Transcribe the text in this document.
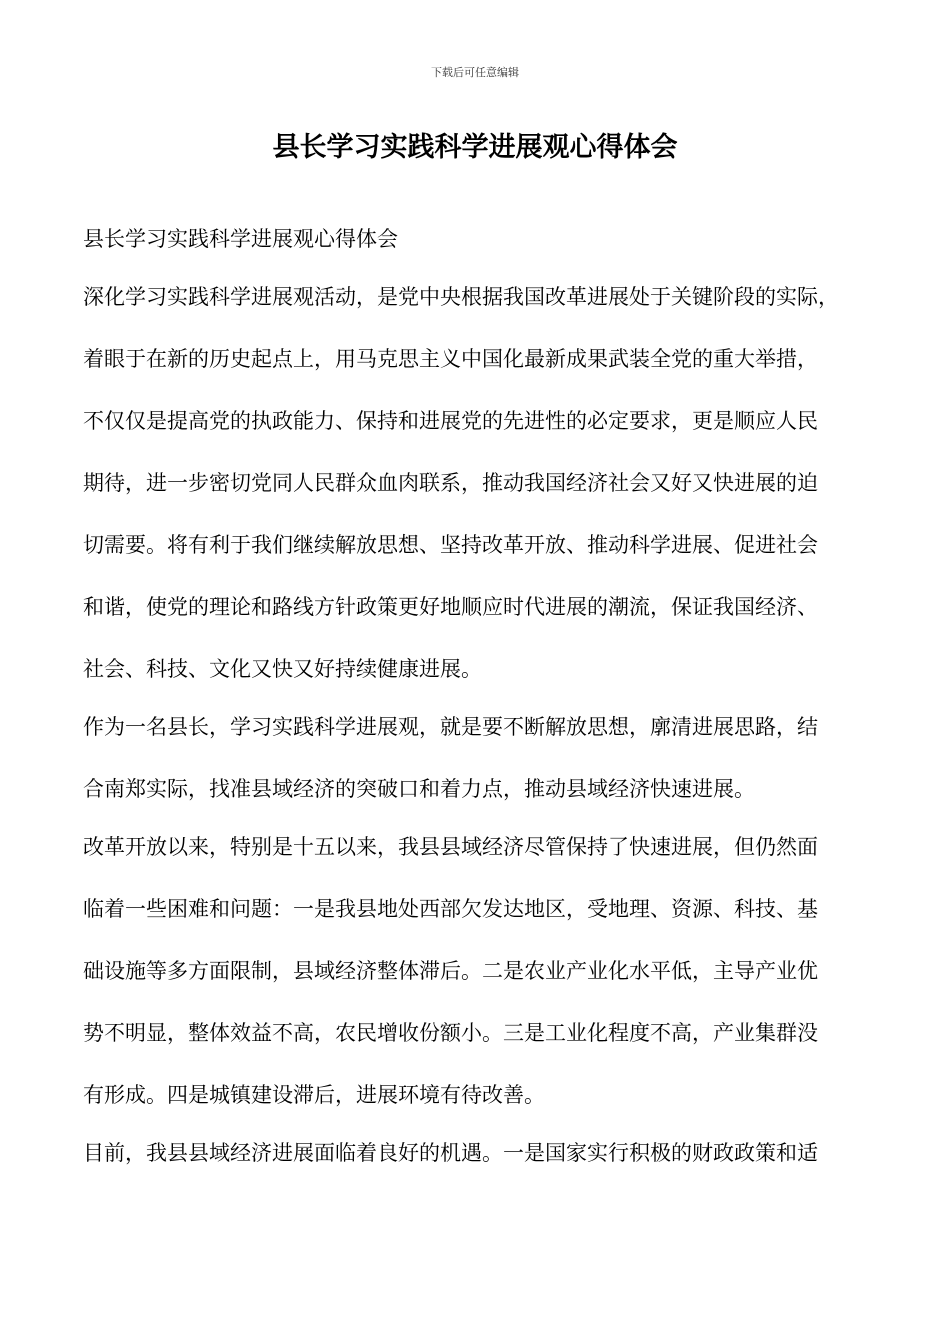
下载后可任意编辑
县长学习实践科学进展观心得体会

县长学习实践科学进展观心得体会

深化学习实践科学进展观活动，是党中央根据我国改革进展处于关键阶段的实际，
着眼于在新的历史起点上，用马克思主义中国化最新成果武装全党的重大举措，
不仅仅是提高党的执政能力、保持和进展党的先进性的必定要求，更是顺应人民
期待，进一步密切党同人民群众血肉联系，推动我国经济社会又好又快进展的迫
切需要。将有利于我们继续解放思想、坚持改革开放、推动科学进展、促进社会
和谐，使党的理论和路线方针政策更好地顺应时代进展的潮流，保证我国经济、
社会、科技、文化又快又好持续健康进展。

作为一名县长，学习实践科学进展观，就是要不断解放思想，廓清进展思路，结
合南郑实际，找准县域经济的突破口和着力点，推动县域经济快速进展。

改革开放以来，特别是十五以来，我县县域经济尽管保持了快速进展，但仍然面
临着一些困难和问题：一是我县地处西部欠发达地区，受地理、资源、科技、基
础设施等多方面限制，县域经济整体滞后。二是农业产业化水平低，主导产业优
势不明显，整体效益不高，农民增收份额小。三是工业化程度不高，产业集群没
有形成。四是城镇建设滞后，进展环境有待改善。

目前，我县县域经济进展面临着良好的机遇。一是国家实行积极的财政政策和适
